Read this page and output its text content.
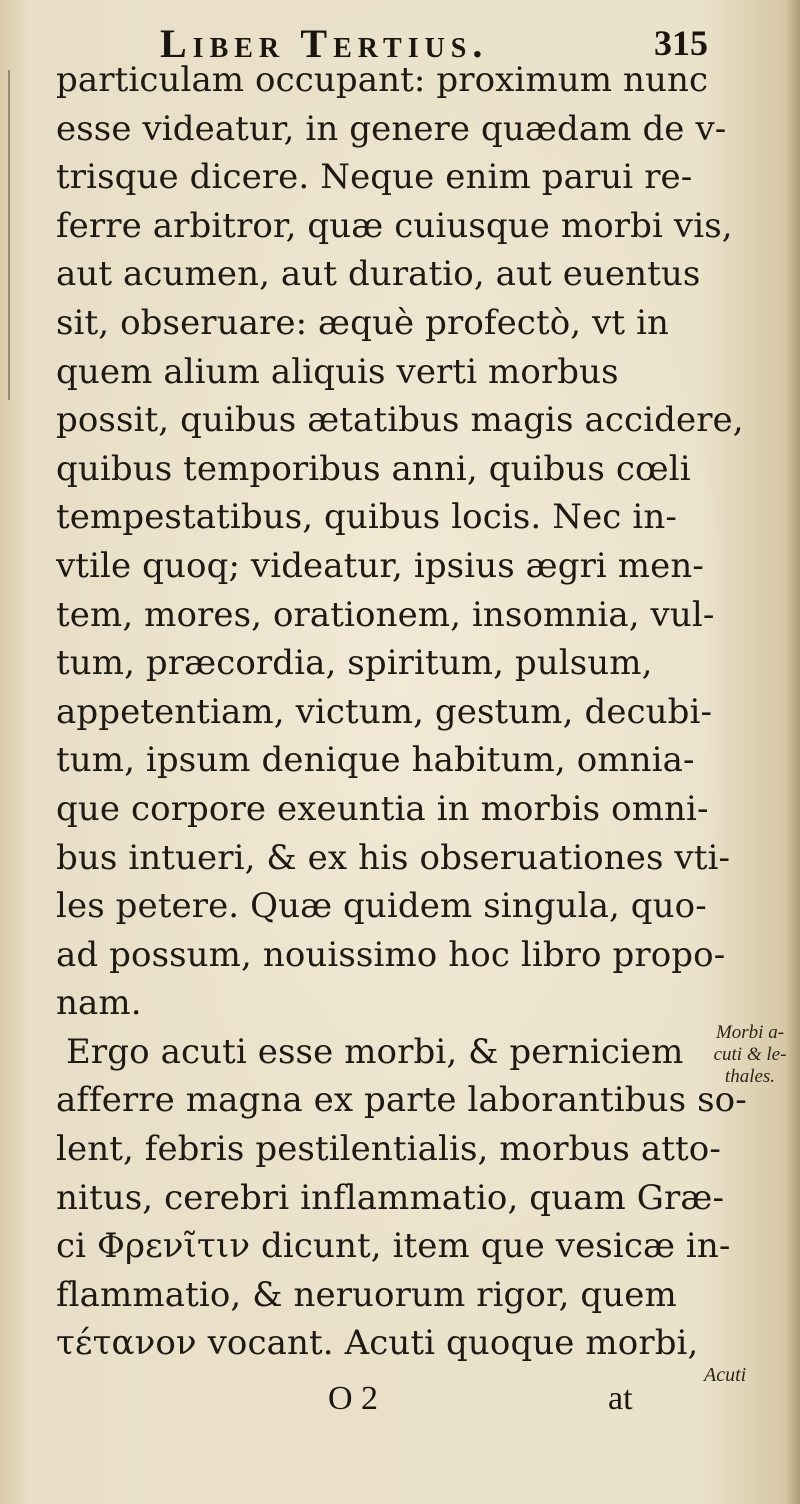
Liber Tertius.	315
particulam occupant: proximum nunc
esse videatur, in genere quædam de v-
trisque dicere. Neque enim parui re-
ferre arbitror, quæ cuiusque morbi vis,
aut acumen, aut duratio, aut euentus
sit, obseruare: æquè profectò, vt in
quem alium aliquis verti morbus
possit, quibus ætatibus magis accidere,
quibus temporibus anni, quibus cœli
tempestatibus, quibus locis. Nec in-
vtile quoq; videatur, ipsius ægri men-
tem, mores, orationem, insomnia, vul-
tum, præcordia, spiritum, pulsum,
appetentiam, victum, gestum, decubi-
tum, ipsum denique habitum, omnia-
que corpore exeuntia in morbis omni-
bus intueri, & ex his obseruationes vti-
les petere. Quæ quidem singula, quo-
ad possum, nouissimo hoc libro propo-
nam.
Ergo acuti esse morbi, & perniciem
afferre magna ex parte laborantibus so-
lent, febris pestilentialis, morbus atto-
nitus, cerebri inflammatio, quam Græ-
ci Φρενῖτιν dicunt, item que vesicæ in-
flammatio, & neruorum rigor, quem
τέτανον vocant. Acuti quoque morbi,
Morbi a-
cuti & le-
thales.
Acuti
O 2	at
